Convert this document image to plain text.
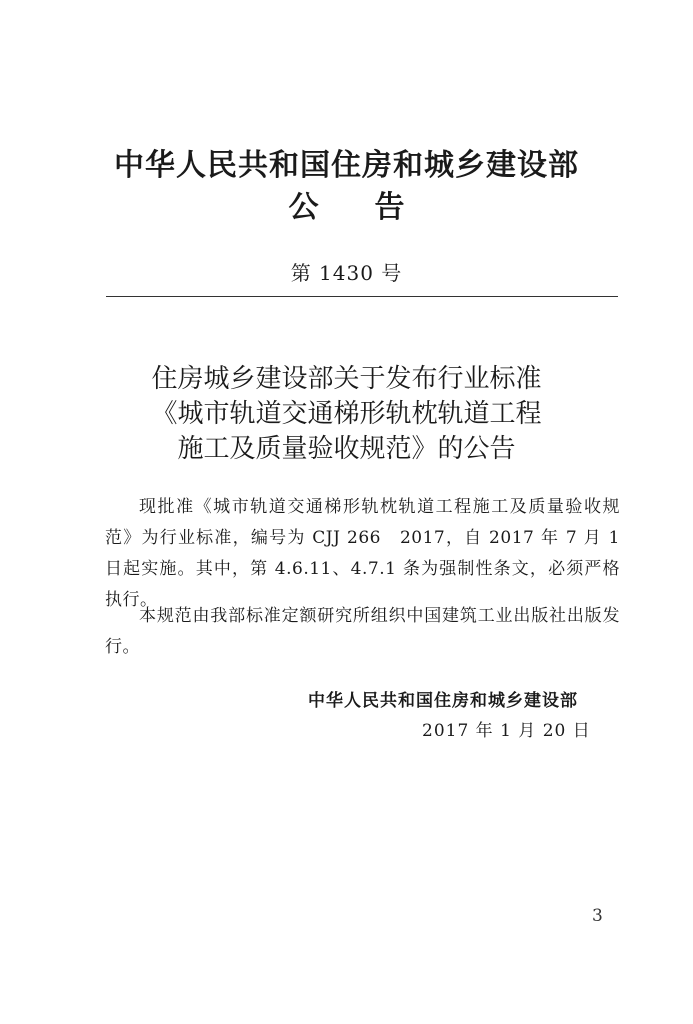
中华人民共和国住房和城乡建设部
公告
第 1430 号
住房城乡建设部关于发布行业标准
《城市轨道交通梯形轨枕轨道工程
施工及质量验收规范》的公告

现批准《城市轨道交通梯形轨枕轨道工程施工及质量验收规范》为行业标准，编号为 CJJ 266　2017，自 2017 年 7 月 1 日起实施。其中，第 4.6.11、4.7.1 条为强制性条文，必须严格执行。

本规范由我部标准定额研究所组织中国建筑工业出版社出版发行。

中华人民共和国住房和城乡建设部
2017 年 1 月 20 日
3
